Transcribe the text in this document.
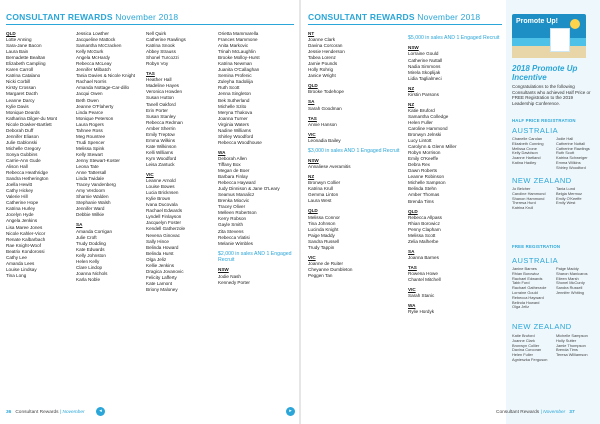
CONSULTANT REWARDS November 2018
QLD
Lotte Anning
Sara-Jane Bacon
Laura Bain
Bernadette Bealtan
Elizabeth Campling
Karen Carroll
Katrina Catalano
Nicki Corbill
Kirsty Crossan
Margaret Dacth
Leanne Darcy
Kylie Davis
Monique Deards
Katharina Dilger-du Mont
Nicole Dowker-Bartlett
Deborah Duff
Jennifer Eliason
Julie Gablonski
Michelle Gregory
Sonya Gubbins
Carrie-Ann Gude
Alison Hall
Rebecca Heathridge
Sandra Hetherington
Joella Hewitt
Cathy Hickey
Valerie Hill
Catherine Hope
Katrina Hurley
Jocelyn Hyde
Angela Jenkins
Lisa Maree Jones
Nicole Kahler-Vicor
Renate Kalbarbach
Rae Knight-Woof
Beatrix Kondorossi
Cathy Lee
Amanda Lees
Louise Lindsay
Tina Long
Jessica Lowther
Jacqueline Mattock
Samantha McCracken
Kelly McGurk
Angela McHardy
Rebecca McLeay
Jennifer Milbatch
Tania Davies & Nicole Knight
Rachael Norris
Amanda Nottage-Car-dillo
Jacqui Owen
Beth Owen
Jeanne O'Flaherty
Linda Pearce
Monique Peterson
Laura Rogers
Tahnee Ross
Meg Rountree
Trudi Spencer
Melissa Spink
Kelly Stewart
Jenny Stewart-Koster
Leona Tate
Anne Tattersall
Linda Twidale
Tracey Vandenberg
Amy Verdoorn
Sharnie Walden
Stephanie Walsh
Jennifer Ward
Debbie Wilkie
SA
Amanda Corrigan
Julie Croft
Trudy Dodding
Kate Edwards
Kelly Johnston
Helen Kelly
Clare Lindop
Joanna Nichols
Karla Noble
Nell Quirk
Catherine Rawlings
Katrina Snook
Abbey Strauss
Shonel Turcozzi
Robyn Voy
TAS
Heather Hall
Madeline Hayes
Veronica Howden
Susan Hutton
Tanell Oakford
Erin Porter
Susan Stanley
Rebecca Redman
Amber Sherrin
Emily Treptow
Emma Wilkins
Kate Wilkinson
Kelli Williams
Kym Woodford
Leisa Zantuck
VIC
Leanne Arnold
Louise Bowes
Lucia Bricknsen
Kylie Brown
Ivana Ducovala
Rachael Edwards
Lyndell Finlayson
Jacquelyn Foster
Kendell Gatherzole
Nevena Ginovac
Sally Hince
Belinda Howard
Belinda Hurst
Olga Jeliz
Kellie Jenkins
Dragica Jovanovic
Felicity Lafferty
Kate Lamont
Briony Maloney
Orietta Mammarella
Frances Mammone
Anita Markovic
Trinah McLaughlin
Brooke Molloy-Hurst
Katrina Newman
Juanita O'Callaghan
Semina Profenic
Zuleyha Sadoliija
Ruth Scott
Jenna Singleton
Bek Sutherland
Michelle Szito
Meryna Thakova
Joanna Turner
Virginia Waters
Nadine Williams
Shirley Woodford
Rebecca Woodhouse
WA
Deborah Allen
Tiffany Box
Megan de Boer
Barbara Finlay
Rebecca Hayward
Judy Dinnison & Jane O'Leary
Seamus Manalicz
Brenka Miocvic
Tracey Oliver
Melleen Robertson
Kerry Robson
Gayle Smith
Zita Stevens
Rebecca Vlatisi
Melanie Wimbles
$2,000 in sales AND 1 Engaged Recruit
NSW
Jodie Nash
Kennedy Porter
◂
36 Consultant Rewards | November
CONSULTANT REWARDS November 2018
NT
Joanne Clark
Davina Corcoran
Jessie Henderson
Tabea Lorenz
Jamie Pounds
Holly Rohrig
Janice Wright
QLD
Brooke Todehope
SA
Sarah Goodman
TAS
Annie Hanson
VIC
Leonadia Bailey
$3,000 in sales AND 1 Engaged Recruit
NSW
Annaliese Averamitis
NZ
Bronwyn Collier
Katrina Krull
Gemma Linton
Laura West
QLD
Melissa Connor
Tina Johnson
Lucinda Knight
Paige Maddy
Sandra Russell
Trudy Tappin
VIC
Joanne de Ruiter
Cheyanne Dumbleton
Peggen Tan
$5,000 in sales AND 1 Engaged Recruit
NSW
Lorraine Gould
Catherine Nuttall
Nadia Simmons
Mirela Skoplijak
Lidia Taglialmeci
NZ
Kirstin Parsons
NZ
Katie Bruford
Samantha Colledge
Helen Fuller
Caroline Hammond
Bronwyn Jelnski
Lucy Lintott
Carolynn & Glenn Miller
Robyn Morrison
Emily O'Keeffe
Debra Rex
Dawn Roberts
Leanne Robinson
Michelle Sampson
Belinda Stehn
Amber Thomas
Brenda Tims
QLD
Rebecca Allpass
Rhian Borowicz
Penny Clapham
Melissa Scott
Zelia Malherbe
SA
Joanna Barnes
TAS
Rowena Howe
Chantel Mitchell
VIC
Sarah Stanic
WA
Rylie Hordyk
Promote Up!
2018 Promote Up Incentive
Congratulations to the following Consultants who achieved Half Price or FREE Registration to the 2019 Leadership Conference.
HALF PRICE REGISTRATION
AUSTRALIA
Chanelle Carolan
Elizabeth Conning
Melissa Crone
Kelly Davidson
Joanne Hartland
Katina Hadley
Jodie Hall
Catherine Nuttall
Catherine Rawlings
Ruth Scott
Katrina Schweiger
Emma Wilkins
Shirley Woodford
NEW ZEALAND
Jo Belcher
Caroline Hammond
Shanon Hammond
Theresa Hurd
Katrina Krull
Tania Lund
Belgia Mermoz
Emily O'Keeffe
Emily West
FREE REGISTRATION
AUSTRALIA
Janine Barnes
Rhian Borowicz
Rachael Edwards
Tabb Ford
Rachael Gatherzole
Lorraine Gould
Rebecca Hayward
Belinda Howard
Olga Jeliz
Paige Maddy
Sharon Manicaros
Eileen Marsh
Shonel McCurdy
Sandra Russell
Jennifer Whiting
NEW ZEALAND
Katie Bruford
Joanne Clark
Bronwyn Collier
Davina Corcoran
Helen Fuller
Agnieszka Ferguson
Michelle Sampson
Holly Sutter
Jamie Thompson
Brenda Tims
Teresa Williamson
▸	Consultant Rewards | November 37
